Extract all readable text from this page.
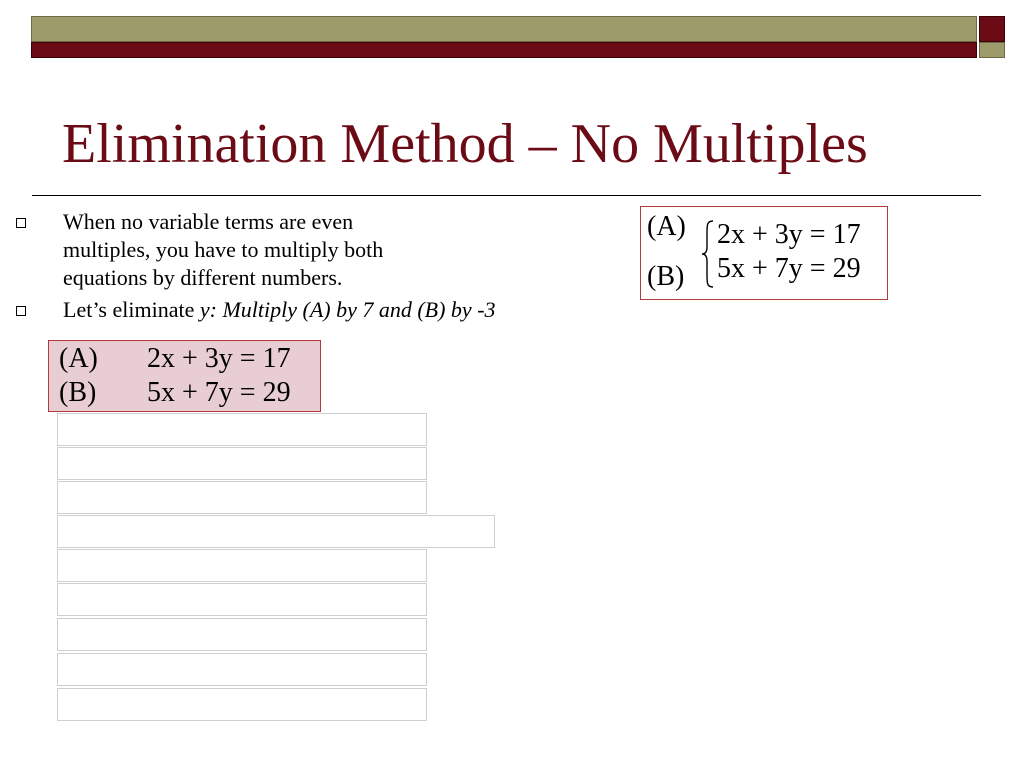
Elimination Method – No Multiples
When no variable terms are even
multiples, you have to multiply both
equations by different numbers.
Let’s eliminate y: Multiply (A) by 7 and (B) by -3
(A)
(B)
2x + 3y = 17
5x + 7y = 29
(A)
(B)
2x + 3y = 17
5x + 7y = 29
